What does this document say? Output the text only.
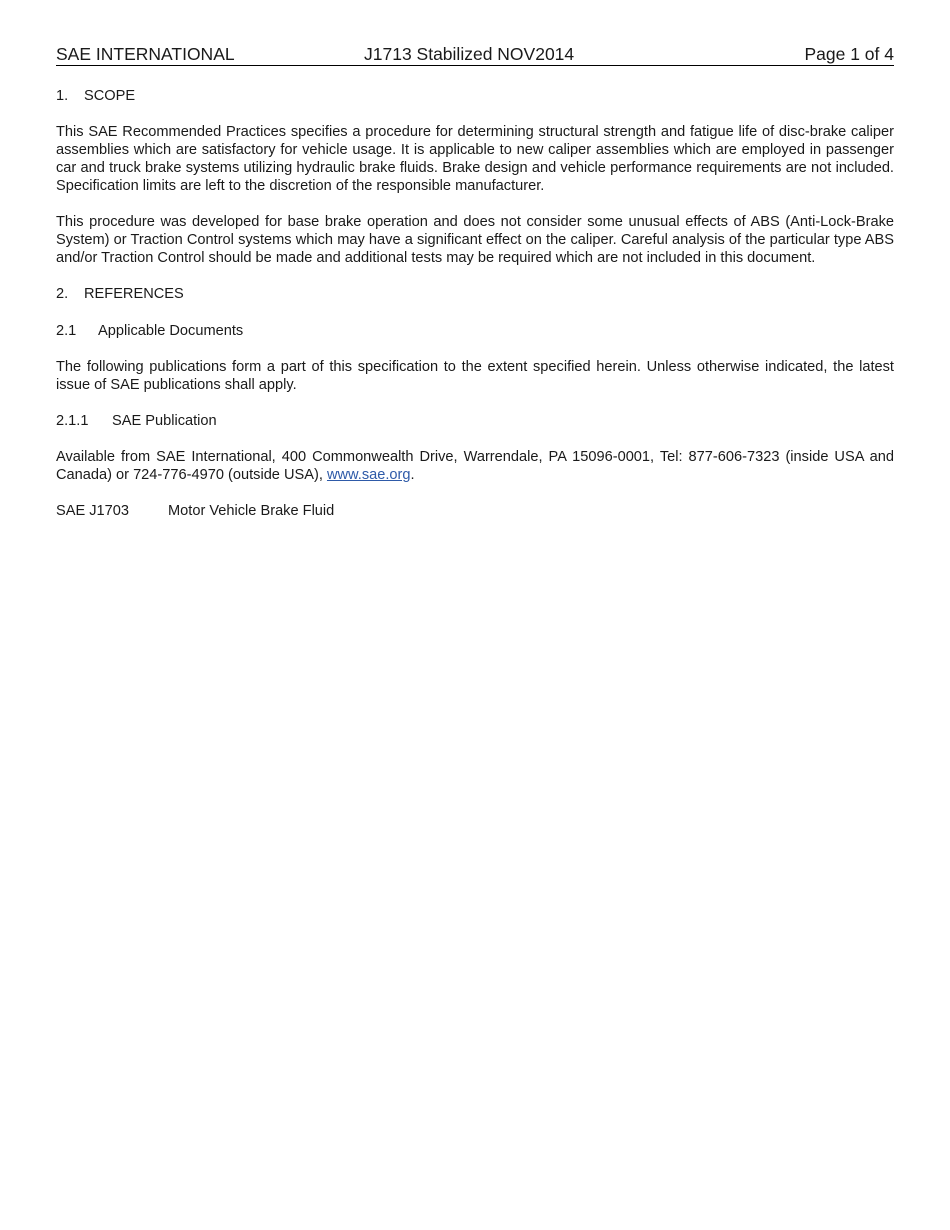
SAE INTERNATIONAL	J1713 Stabilized NOV2014	Page 1 of 4

1. SCOPE

This SAE Recommended Practices specifies a procedure for determining structural strength and fatigue life of disc-brake caliper assemblies which are satisfactory for vehicle usage. It is applicable to new caliper assemblies which are employed in passenger car and truck brake systems utilizing hydraulic brake fluids. Brake design and vehicle performance requirements are not included. Specification limits are left to the discretion of the responsible manufacturer.

This procedure was developed for base brake operation and does not consider some unusual effects of ABS (Anti-Lock-Brake System) or Traction Control systems which may have a significant effect on the caliper. Careful analysis of the particular type ABS and/or Traction Control should be made and additional tests may be required which are not included in this document.

2. REFERENCES

2.1 Applicable Documents

The following publications form a part of this specification to the extent specified herein. Unless otherwise indicated, the latest issue of SAE publications shall apply.

2.1.1 SAE Publication

Available from SAE International, 400 Commonwealth Drive, Warrendale, PA 15096-0001, Tel: 877-606-7323 (inside USA and Canada) or 724-776-4970 (outside USA), www.sae.org.

SAE J1703	Motor Vehicle Brake Fluid
